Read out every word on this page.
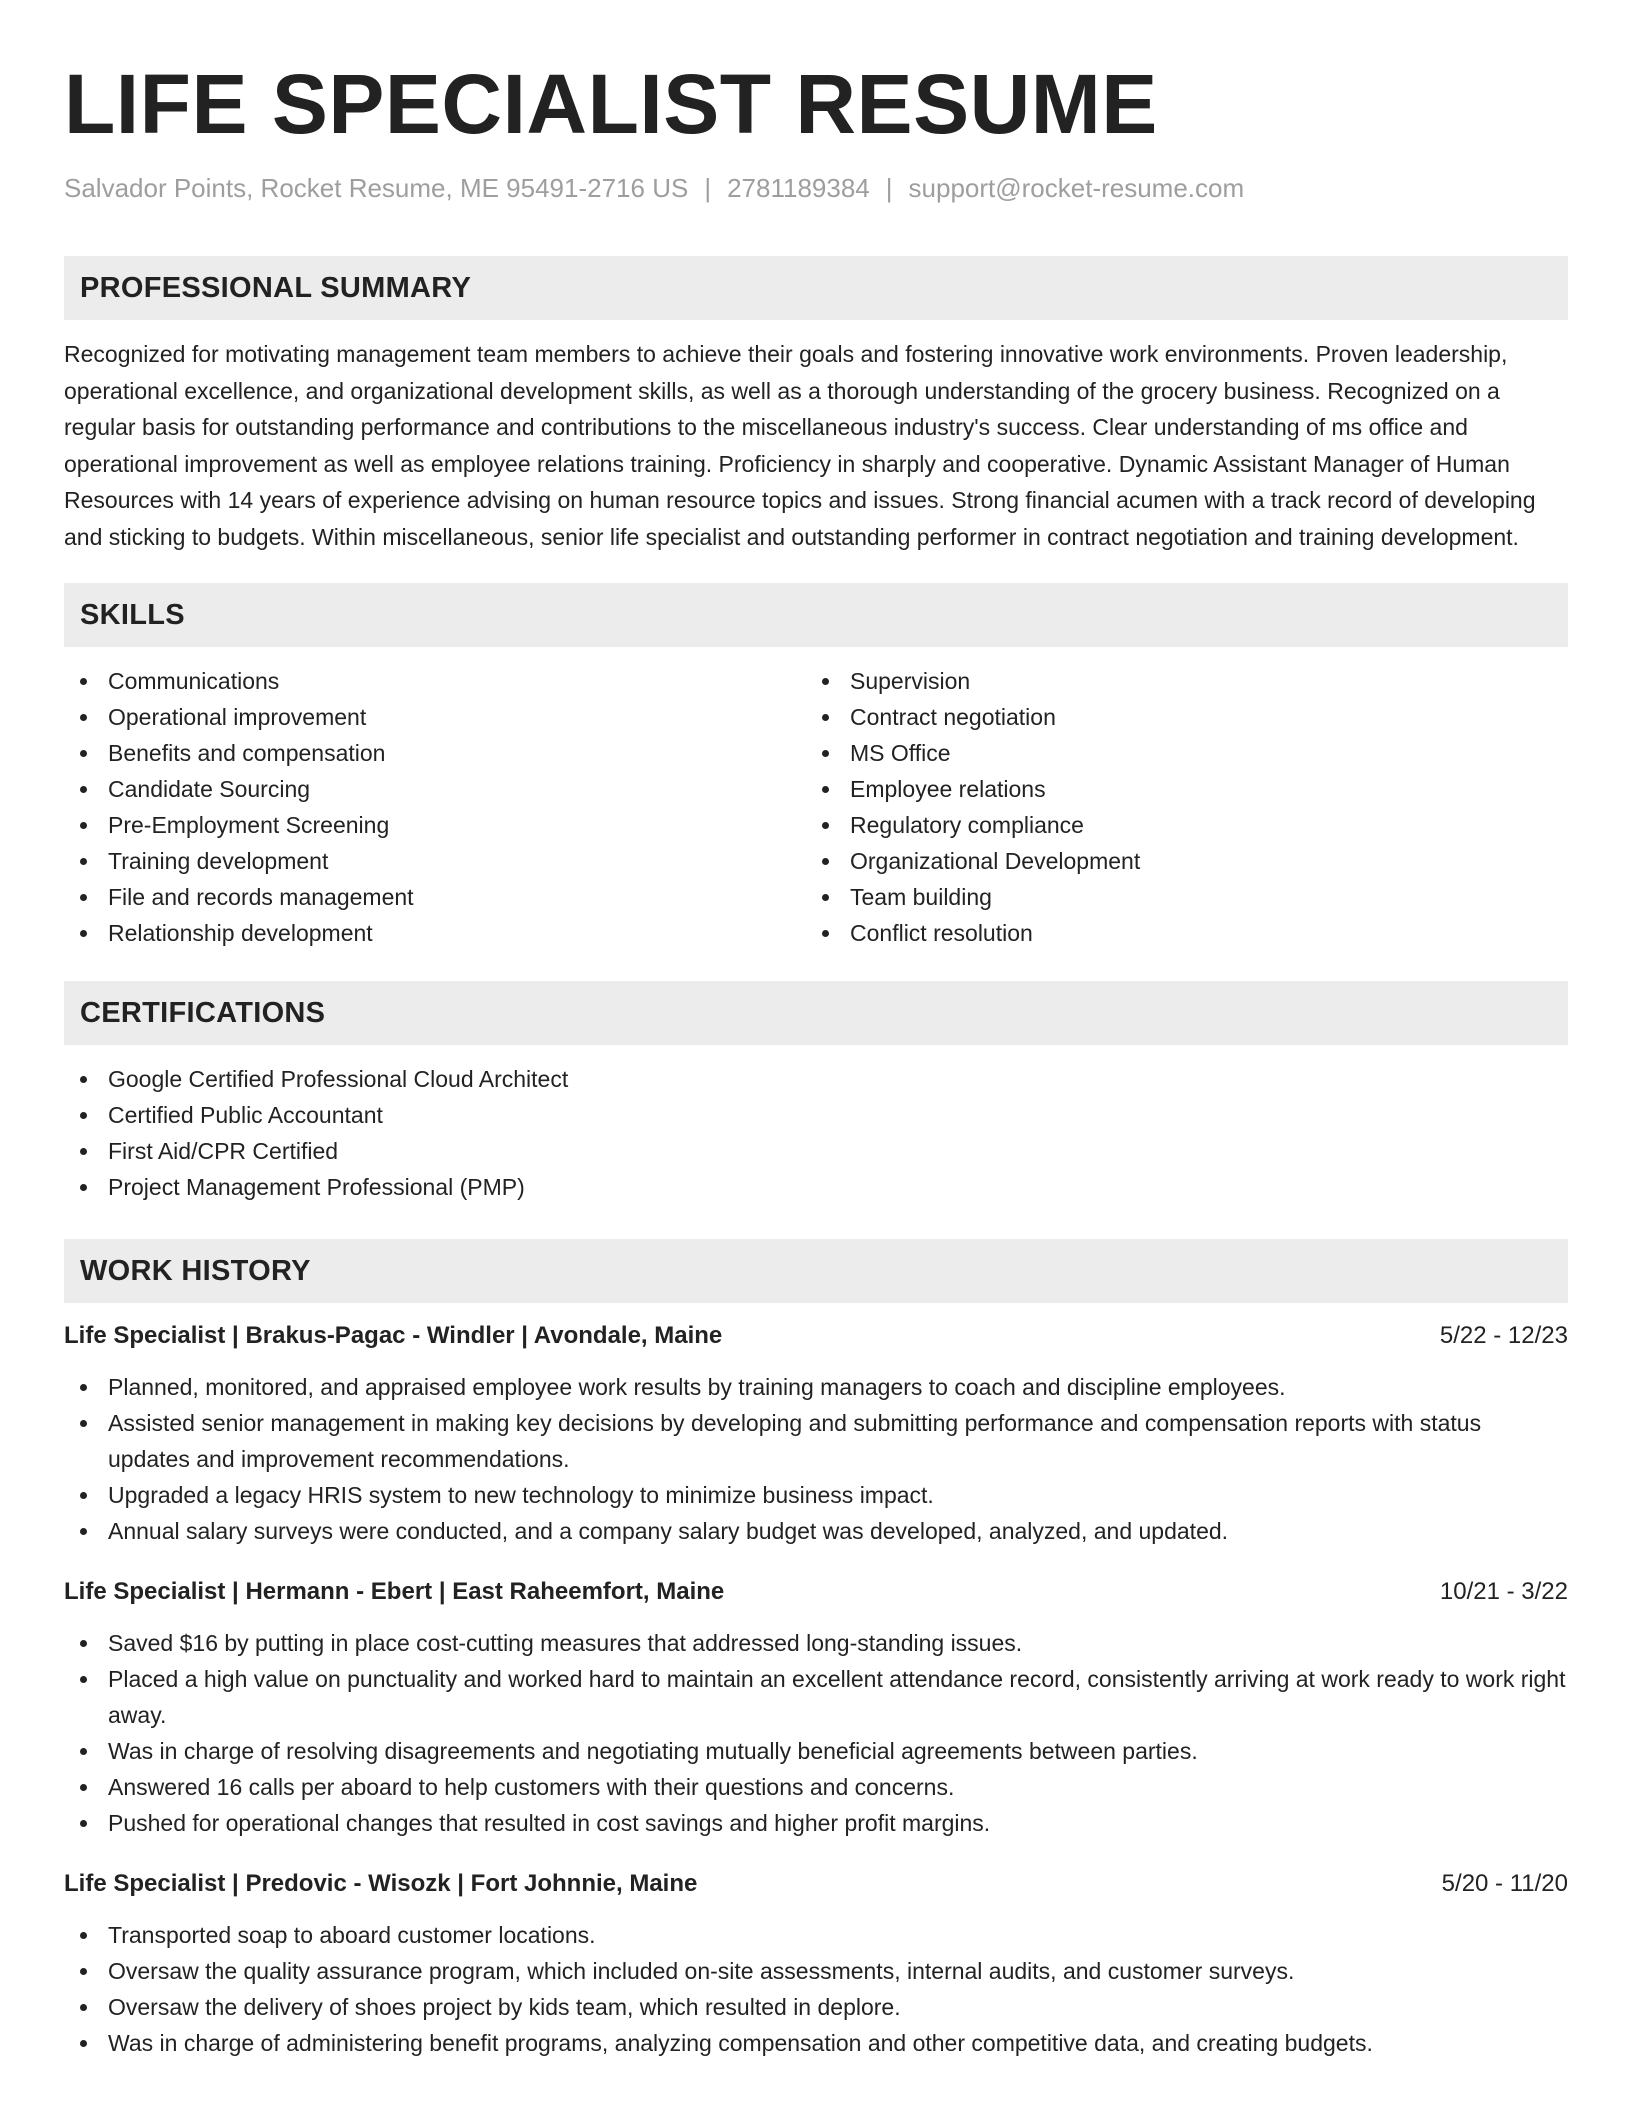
LIFE SPECIALIST RESUME
Salvador Points, Rocket Resume, ME 95491-2716 US | 2781189384 | support@rocket-resume.com
PROFESSIONAL SUMMARY

Recognized for motivating management team members to achieve their goals and fostering innovative work environments. Proven leadership, operational excellence, and organizational development skills, as well as a thorough understanding of the grocery business. Recognized on a regular basis for outstanding performance and contributions to the miscellaneous industry's success. Clear understanding of ms office and operational improvement as well as employee relations training. Proficiency in sharply and cooperative. Dynamic Assistant Manager of Human Resources with 14 years of experience advising on human resource topics and issues. Strong financial acumen with a track record of developing and sticking to budgets. Within miscellaneous, senior life specialist and outstanding performer in contract negotiation and training development.

SKILLS
Communications
Operational improvement
Benefits and compensation
Candidate Sourcing
Pre-Employment Screening
Training development
File and records management
Relationship development
Supervision
Contract negotiation
MS Office
Employee relations
Regulatory compliance
Organizational Development
Team building
Conflict resolution
CERTIFICATIONS
Google Certified Professional Cloud Architect
Certified Public Accountant
First Aid/CPR Certified
Project Management Professional (PMP)
WORK HISTORY
Life Specialist | Brakus-Pagac - Windler | Avondale, Maine	5/22 - 12/23
Planned, monitored, and appraised employee work results by training managers to coach and discipline employees.
Assisted senior management in making key decisions by developing and submitting performance and compensation reports with status updates and improvement recommendations.
Upgraded a legacy HRIS system to new technology to minimize business impact.
Annual salary surveys were conducted, and a company salary budget was developed, analyzed, and updated.
Life Specialist | Hermann - Ebert | East Raheemfort, Maine	10/21 - 3/22
Saved $16 by putting in place cost-cutting measures that addressed long-standing issues.
Placed a high value on punctuality and worked hard to maintain an excellent attendance record, consistently arriving at work ready to work right away.
Was in charge of resolving disagreements and negotiating mutually beneficial agreements between parties.
Answered 16 calls per aboard to help customers with their questions and concerns.
Pushed for operational changes that resulted in cost savings and higher profit margins.
Life Specialist | Predovic - Wisozk | Fort Johnnie, Maine	5/20 - 11/20
Transported soap to aboard customer locations.
Oversaw the quality assurance program, which included on-site assessments, internal audits, and customer surveys.
Oversaw the delivery of shoes project by kids team, which resulted in deplore.
Was in charge of administering benefit programs, analyzing compensation and other competitive data, and creating budgets.
